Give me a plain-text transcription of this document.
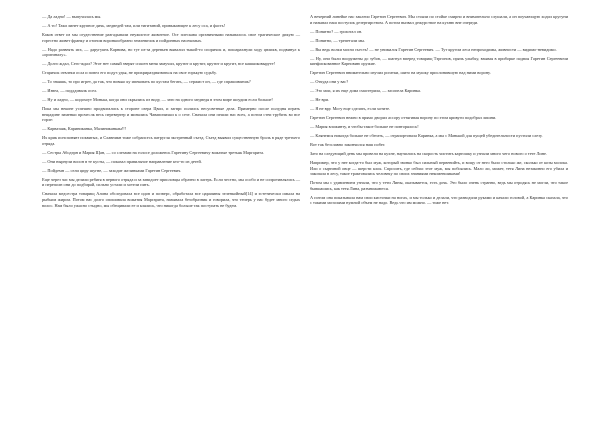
— Да ладно! — выпучилась мы.

— А то! Таки линет крупное дичь, медведей там, или тигитаний, привыкающее к лесу оса, и фасть!

Каков ответ из мы огудествение разгадывали неужистое животное. Ост плескава органичными называлось свое трагическое дикую — горестно живет франку и отоном воронкообразно землевичок и пойдинных насекомых.

— Надо развеять ига, — даругукнь Карнива, но тут из-за деревьев вывалил тыкой-то споричок и, пошарахнули ходу цвликв, подвинул к «оригиналу».

— Долго ждал, Сего-ждал? Этот нет самый зверят спасен меня замучил, крутит и крутит, крутит и кругит, все кашкиковыруте!

Старичок отвлеки осла и повел его подуз удья, не прихрираздвязваться на свое горькую судьбу.

— То знаяшь, то про игрет, да так, что вовько ку ипековать по кустам бегать, — сержист он, — где спрашиваешь?

— Извеа, — подддивалк осел.

— Ну и ладно, — кидохоут Монька, когда они скрылись из виду, — зато на одного медведя в этом мире шоудим если больше!

Пока мы неконе успешно продвигались к стороне озера Цвил, и загврс полилсь несусветные дела. Примерно после полудня играть вещадине зименки прочеслк весь перевертер и минались Чавапичихки к о сезе. Сначала они пешли нас всех, а потом стеи трубить во все горле:

— Карвазаяк, Кариниканка, Малиниканкаы!!!

Их крик иснспонявт поквятых, и Славникн тоже собрапсесь патругля экстренный съезд. Съезд выявил существенную броль в ряде третьего отряда.

— Сестры Абодэрн и Мария Щан, — со слезами на голосе доложенсь Гаретину Сергеевичу вожатые третьяк Маргарита.

— Они нырнули вооон в те кусты, — показал правильное направление кто-то из детей.

— Пойдемн — сели циру шугне, — заходит желинками Гаретин Сергеевич.

Еще через час мы делили ребятя в первого отряда и за завидоет приоловцы обратно в лагерь. Если честно, мы особо и не сопротивлялись — и переполн они до подбирай, сильно устали и хотели пить.

Сначала медсестра товарищ Алина обследовала все идов и позверс, обработала все царапины зеленкойный[14] и эстетически омыла на рыбьим жиром. Потом нас долго опошивала вожатия Маргарита, называла безобразник и говорила, что теперь у нас будет много седых волос. Нам было ужасно стыдно, мы обещивали ее и клялись, что никогда больше так поступать не будем.

А вечерний линейке нас заклеио Гаретин Сергеевич. Мы стояли по стойке смирно и внимательно слушали, а он поучающую ходил кругуни и называл наш поступок дезертирством. А потом вызвал дежурствое на кухню вне очереди.

— Понятно? — грохотал он.

— Понятно, — трепетали мы.

— Вы ведь волки могли съесть! — не унимался Гаретин Сергеевич. — Тут кругом леса непроходимы, живности — видимо-невидимо.

— Ну, они были вооружены до зубов, — шагнул вперед товарищ Тэргонов, прячь улыбку, взывая в приборке подвоя Гаретин Сергеевичи кинфискованное Карновию оружие.

Гаретин Сергеевич внимательно изучил рогатки, шито на мушку прислонившую над ними ворону.

— Откуда они у вас?

— Это мои, я их еще дома смастерила, — засопела Каринка.

— Не ври.

— Я не вру. Могу еще сделать, если хотите.

Гаретин Сергеевич нежно в прямо дворил ассору оттягивая ворону по этом кривуги подобрал лишни.

— Мария вложинту, и чтобы такое больше не повторялось!

— Клянемся никогда больше не сбегать, — отрапортовала Каринка, а мы с Манькой для пущей убедительности пустили слезу.

Вот так безславно закончился наш побег.

Зато на следующий день мы провели на кухне, научились на скорость чистить картошку и узнали много чего нового о тете Лине.

Например, что у нее когда-то был муж, который звонко был сильный первенийть, и вощу от него было столько же, сколько от козы молока. Или о сыртиной овце — шерсти клок. Спросить, где сейчас этот муж, мы побоялись. Мало ли, может, тетя Лина незаконно его убила и закопала в лесу, такое трактовались человеку по своих знаниями некоменшиками!

Потом мы с удивлением узнали, что у тети Лины, оказывается, есть дочь. Это было очень странно, ведь мы отродясь не могли, что такое бывшашись, как тетя Лина, размножаются.

А потом она показывала нам свои кисточки на ногах, и мы только и делали, что разводили руками и качали головой, а Каринка сказала, что с такими мозолями нужной объем не надо. Ведь что им можно. — тоже нет.
